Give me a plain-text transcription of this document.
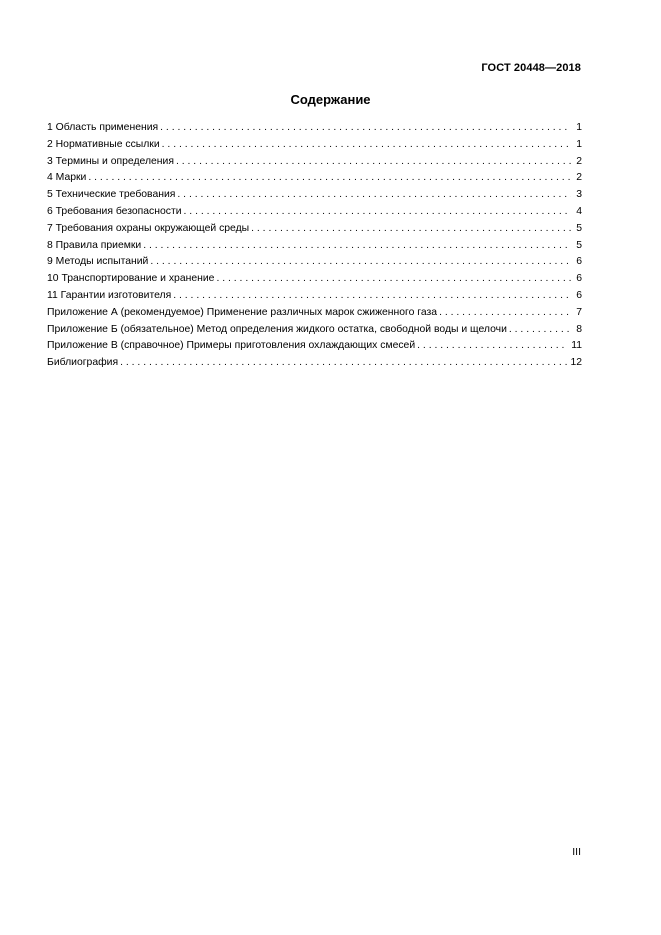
ГОСТ 20448—2018
Содержание
1 Область применения . . .	1
2 Нормативные ссылки . . .	1
3 Термины и определения . . .	2
4 Марки . . .	2
5 Технические требования . . .	3
6 Требования безопасности . . .	4
7 Требования охраны окружающей среды . . .	5
8 Правила приемки . . .	5
9 Методы испытаний . . .	6
10 Транспортирование и хранение . . .	6
11 Гарантии изготовителя . . .	6
Приложение А (рекомендуемое) Применение различных марок сжиженного газа . . .	7
Приложение Б (обязательное) Метод определения жидкого остатка, свободной воды и щелочи . . .	8
Приложение В (справочное) Примеры приготовления охлаждающих смесей . . .	11
Библиография . . .	12
III
